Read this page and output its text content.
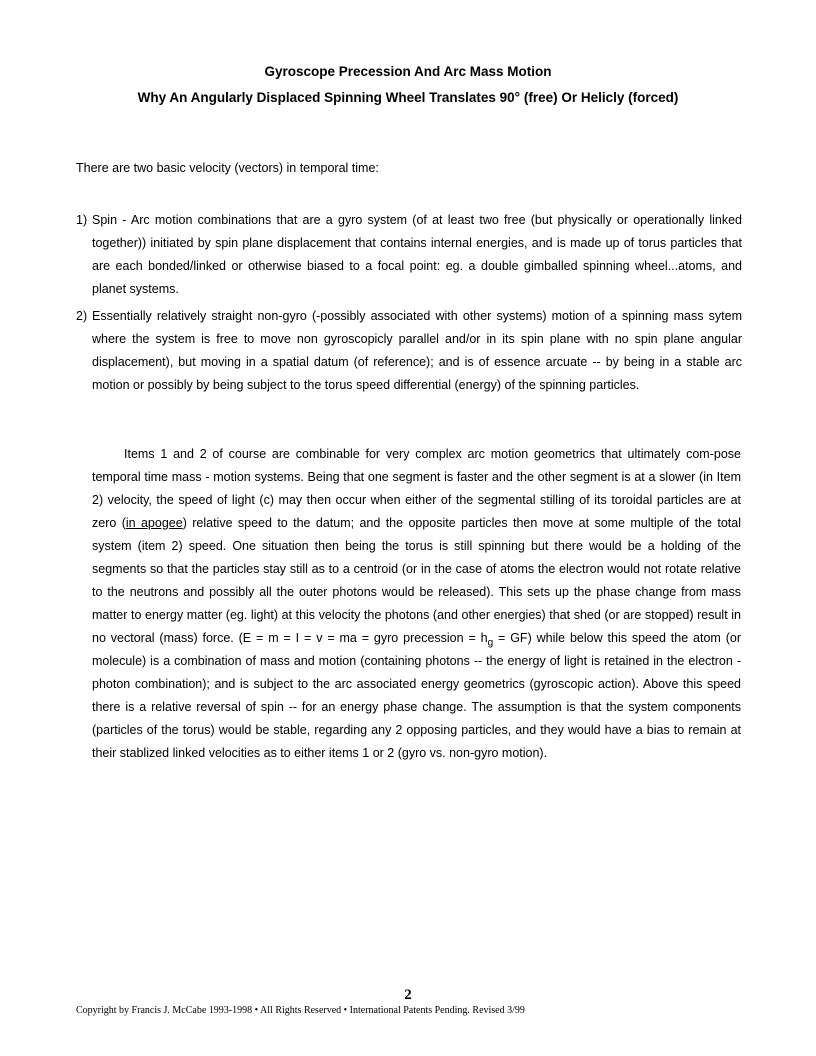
Gyroscope Precession And Arc Mass Motion
Why An Angularly Displaced Spinning Wheel Translates 90° (free) Or Helicly (forced)

There are two basic velocity (vectors) in temporal time:

1) Spin - Arc motion combinations that are a gyro system (of at least two free (but physically or operationally linked together)) initiated by spin plane displacement that contains internal energies, and is made up of torus particles that are each bonded/linked or otherwise biased to a focal point: eg. a double gimballed spinning wheel...atoms, and planet systems.
2) Essentially relatively straight non-gyro (-possibly associated with other systems) motion of a spinning mass sytem where the system is free to move non gyroscopicly parallel and/or in its spin plane with no spin plane angular displacement), but moving in a spatial datum (of reference); and is of essence arcuate -- by being in a stable arc motion or possibly by being subject to the torus speed differential (energy) of the spinning particles.

Items 1 and 2 of course are combinable for very complex arc motion geometrics that ultimately com-pose temporal time mass - motion systems. Being that one segment is faster and the other segment is at a slower (in Item 2) velocity, the speed of light (c) may then occur when either of the segmental stilling of its toroidal particles are at zero (in apogee) relative speed to the datum; and the opposite particles then move at some multiple of the total system (item 2) speed. One situation then being the torus is still spinning but there would be a holding of the segments so that the particles stay still as to a centroid (or in the case of atoms the electron would not rotate relative to the neutrons and possibly all the outer photons would be released). This sets up the phase change from mass matter to energy matter (eg. light) at this velocity the photons (and other energies) that shed (or are stopped) result in no vectoral (mass) force. (E = m = I = v = ma = gyro precession = $h_g = GF$) while below this speed the atom (or molecule) is a combination of mass and motion (containing photons -- the energy of light is retained in the electron - photon combination); and is subject to the arc associated energy geometrics (gyroscopic action). Above this speed there is a relative reversal of spin -- for an energy phase change. The assumption is that the system components (particles of the torus) would be stable, regarding any 2 opposing particles, and they would have a bias to remain at their stablized linked velocities as to either items 1 or 2 (gyro vs. non-gyro motion).

2
Copyright by Francis J. McCabe 1993-1998 • All Rights Reserved • International Patents Pending. Revised 3/99
